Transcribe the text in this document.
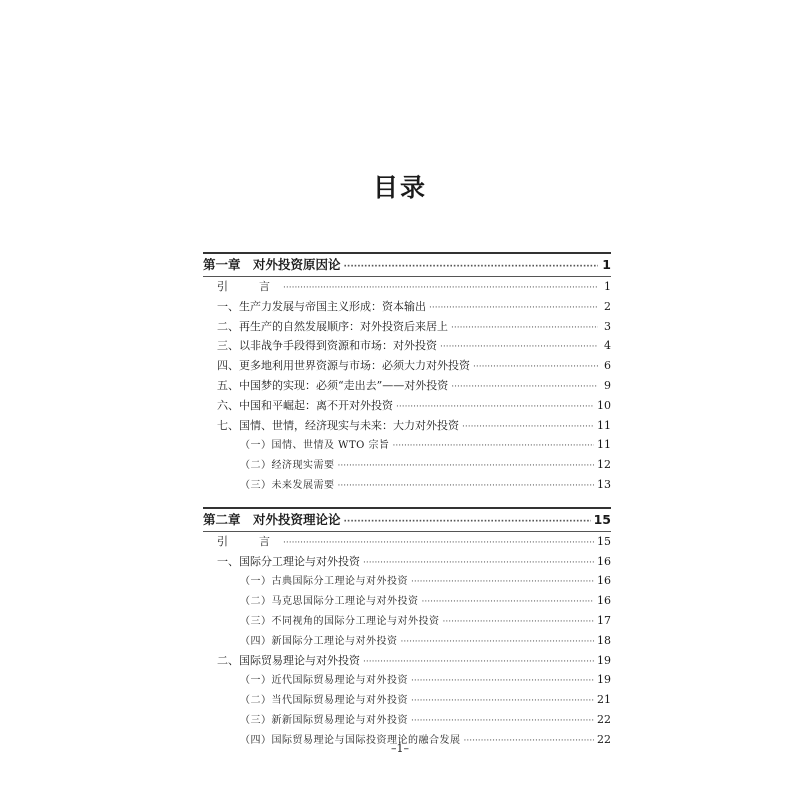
目录
第一章　对外投资原因论 ·····	1
引　言 ·····	1
一、生产力发展与帝国主义形成：资本输出 ·····	2
二、再生产的自然发展顺序：对外投资后来居上 ·····	3
三、以非战争手段得到资源和市场：对外投资 ·····	4
四、更多地利用世界资源与市场：必须大力对外投资 ·····	6
五、中国梦的实现：必须“走出去”——对外投资 ·····	9
六、中国和平崛起：离不开对外投资 ·····	10
七、国情、世情，经济现实与未来：大力对外投资 ·····	11
（一）国情、世情及 WTO 宗旨 ·····	11
（二）经济现实需要 ·····	12
（三）未来发展需要 ·····	13
第二章　对外投资理论论 ·····	15
引　言 ·····	15
一、国际分工理论与对外投资 ·····	16
（一）古典国际分工理论与对外投资 ·····	16
（二）马克思国际分工理论与对外投资 ·····	16
（三）不同视角的国际分工理论与对外投资 ·····	17
（四）新国际分工理论与对外投资 ·····	18
二、国际贸易理论与对外投资 ·····	19
（一）近代国际贸易理论与对外投资 ·····	19
（二）当代国际贸易理论与对外投资 ·····	21
（三）新新国际贸易理论与对外投资 ·····	22
（四）国际贸易理论与国际投资理论的融合发展 ·····	22
–1–
